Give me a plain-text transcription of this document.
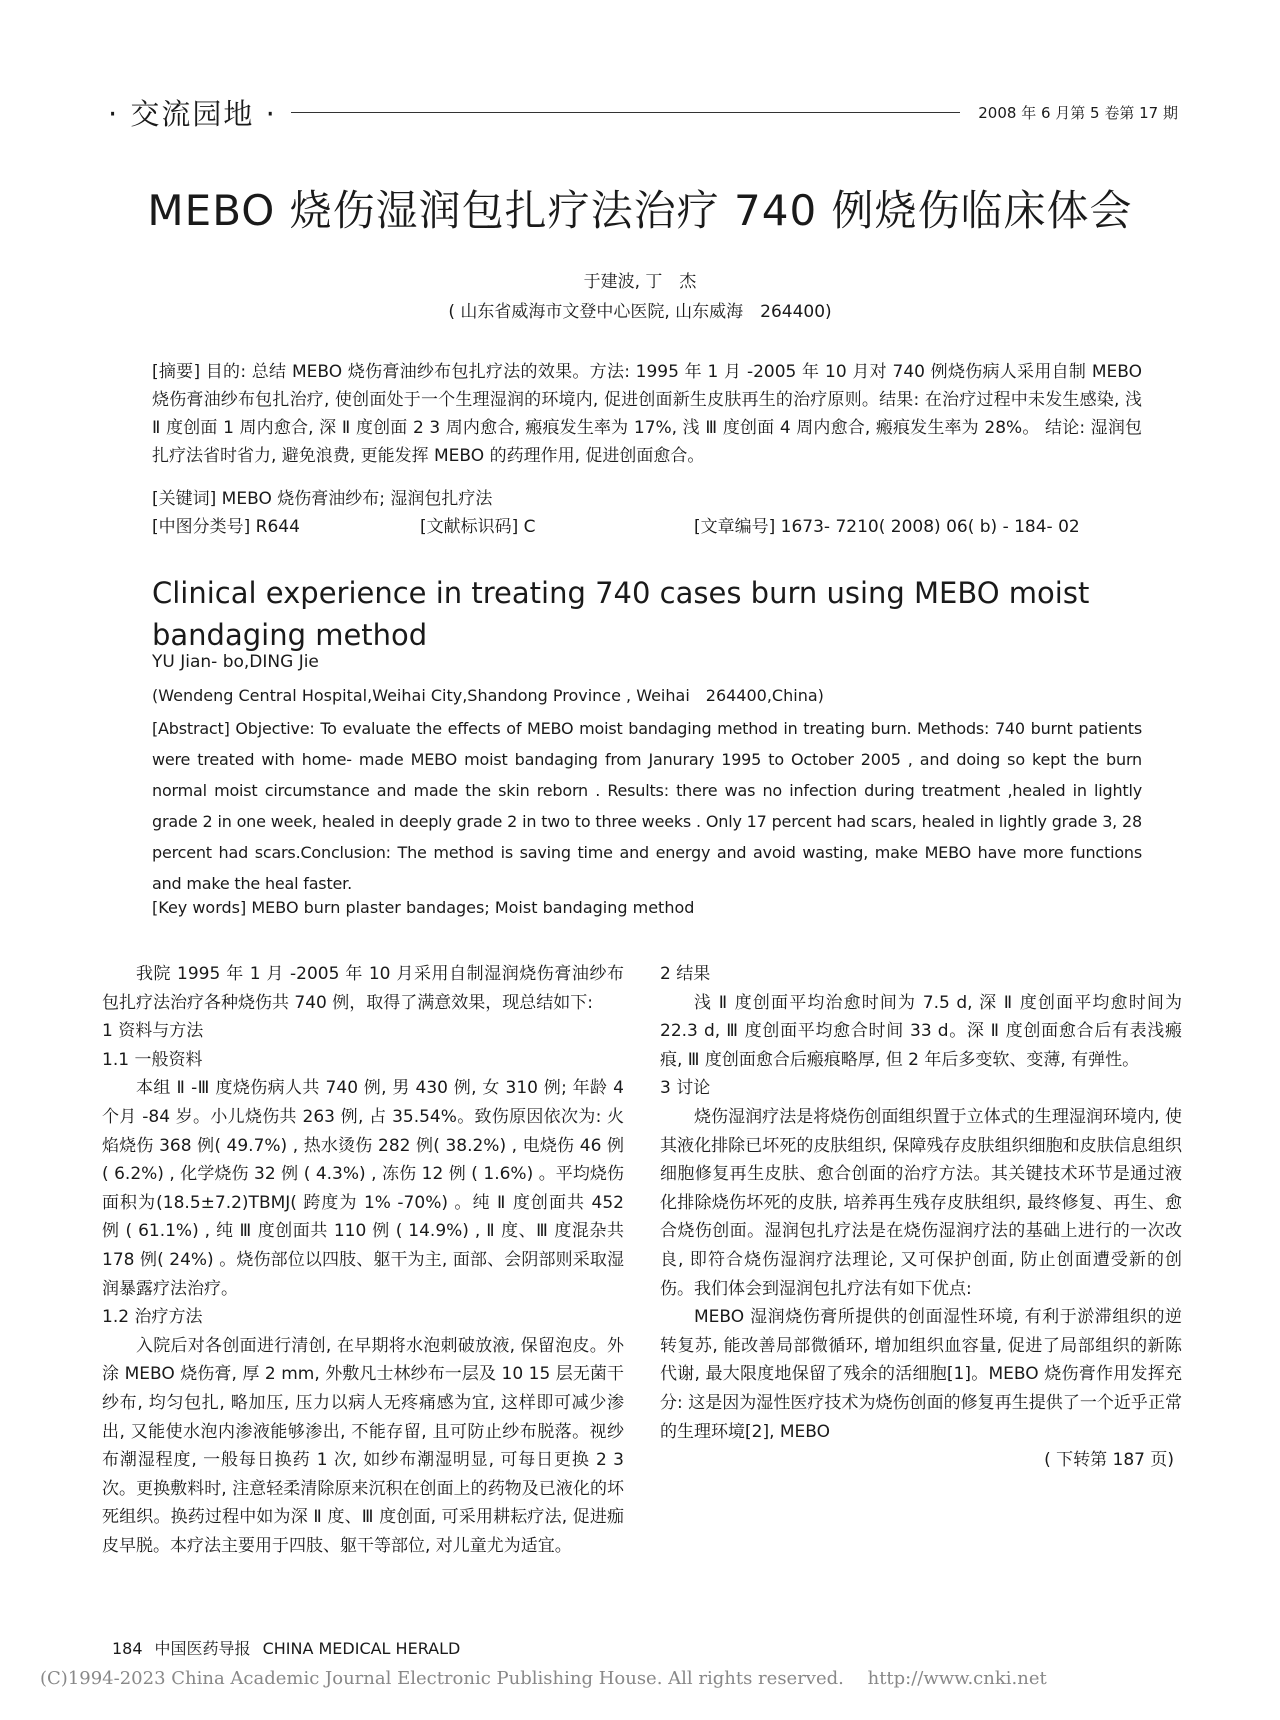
· 交流园地 ·	2008 年 6 月第 5 卷第 17 期
MEBO 烧伤湿润包扎疗法治疗 740 例烧伤临床体会
于建波, 丁　杰
( 山东省威海市文登中心医院, 山东威海　264400)
[摘要] 目的: 总结 MEBO 烧伤膏油纱布包扎疗法的效果。方法: 1995 年 1 月 -2005 年 10 月对 740 例烧伤病人采用自制 MEBO 烧伤膏油纱布包扎治疗, 使创面处于一个生理湿润的环境内, 促进创面新生皮肤再生的治疗原则。结果: 在治疗过程中未发生感染, 浅 Ⅱ 度创面 1 周内愈合, 深 Ⅱ 度创面 2 3 周内愈合, 瘢痕发生率为 17%, 浅 Ⅲ 度创面 4 周内愈合, 瘢痕发生率为 28%。 结论: 湿润包扎疗法省时省力, 避免浪费, 更能发挥 MEBO 的药理作用, 促进创面愈合。
[关键词] MEBO 烧伤膏油纱布; 湿润包扎疗法
[中图分类号] R644	[文献标识码] C	[文章编号] 1673- 7210( 2008) 06( b) - 184- 02
Clinical experience in treating 740 cases burn using MEBO moist bandaging method
YU Jian- bo,DING Jie
(Wendeng Central Hospital,Weihai City,Shandong Province , Weihai　264400,China)
[Abstract] Objective: To evaluate the effects of MEBO moist bandaging method in treating burn. Methods: 740 burnt patients were treated with home- made MEBO moist bandaging from Janurary 1995 to October 2005 , and doing so kept the burn normal moist circumstance and made the skin reborn . Results: there was no infection during treatment ,healed in lightly grade 2 in one week, healed in deeply grade 2 in two to three weeks . Only 17 percent had scars, healed in lightly grade 3, 28 percent had scars.Conclusion: The method is saving time and energy and avoid wasting, make MEBO have more functions and make the heal faster.
[Key words] MEBO burn plaster bandages; Moist bandaging method

我院 1995 年 1 月 -2005 年 10 月采用自制湿润烧伤膏油纱布包扎疗法治疗各种烧伤共 740 例，取得了满意效果，现总结如下:

1 资料与方法

1.1 一般资料

本组 Ⅱ -Ⅲ 度烧伤病人共 740 例, 男 430 例, 女 310 例; 年龄 4 个月 -84 岁。小儿烧伤共 263 例, 占 35.54%。致伤原因依次为: 火焰烧伤 368 例( 49.7%) , 热水烫伤 282 例( 38.2%) , 电烧伤 46 例 ( 6.2%) , 化学烧伤 32 例 ( 4.3%) , 冻伤 12 例 ( 1.6%) 。平均烧伤面积为(18.5±7.2)TBMJ( 跨度为 1% -70%) 。纯 Ⅱ 度创面共 452 例 ( 61.1%) , 纯 Ⅲ 度创面共 110 例 ( 14.9%) , Ⅱ 度、Ⅲ 度混杂共 178 例( 24%) 。烧伤部位以四肢、躯干为主, 面部、会阴部则采取湿润暴露疗法治疗。

1.2 治疗方法

入院后对各创面进行清创, 在早期将水泡刺破放液, 保留泡皮。外涂 MEBO 烧伤膏, 厚 2 mm, 外敷凡士林纱布一层及 10 15 层无菌干纱布, 均匀包扎, 略加压, 压力以病人无疼痛感为宜, 这样即可减少渗出, 又能使水泡内渗液能够渗出, 不能存留, 且可防止纱布脱落。视纱布潮湿程度, 一般每日换药 1 次, 如纱布潮湿明显, 可每日更换 2 3 次。更换敷料时, 注意轻柔清除原来沉积在创面上的药物及已液化的坏死组织。换药过程中如为深 Ⅱ 度、Ⅲ 度创面, 可采用耕耘疗法, 促进痂皮早脱。本疗法主要用于四肢、躯干等部位, 对儿童尤为适宜。

2 结果

浅 Ⅱ 度创面平均治愈时间为 7.5 d, 深 Ⅱ 度创面平均愈时间为 22.3 d, Ⅲ 度创面平均愈合时间 33 d。深 Ⅱ 度创面愈合后有表浅瘢痕, Ⅲ 度创面愈合后瘢痕略厚, 但 2 年后多变软、变薄, 有弹性。

3 讨论

烧伤湿润疗法是将烧伤创面组织置于立体式的生理湿润环境内, 使其液化排除已坏死的皮肤组织, 保障残存皮肤组织细胞和皮肤信息组织细胞修复再生皮肤、愈合创面的治疗方法。其关键技术环节是通过液化排除烧伤坏死的皮肤, 培养再生残存皮肤组织, 最终修复、再生、愈合烧伤创面。湿润包扎疗法是在烧伤湿润疗法的基础上进行的一次改良, 即符合烧伤湿润疗法理论, 又可保护创面, 防止创面遭受新的创伤。我们体会到湿润包扎疗法有如下优点:

MEBO 湿润烧伤膏所提供的创面湿性环境, 有利于淤滞组织的逆转复苏, 能改善局部微循环, 增加组织血容量, 促进了局部组织的新陈代谢, 最大限度地保留了残余的活细胞[1]。MEBO 烧伤膏作用发挥充分: 这是因为湿性医疗技术为烧伤创面的修复再生提供了一个近乎正常的生理环境[2], MEBO

( 下转第 187 页)

184 中国医药导报 CHINA MEDICAL HERALD
(C)1994-2023 China Academic Journal Electronic Publishing House. All rights reserved.　 http://www.cnki.net
